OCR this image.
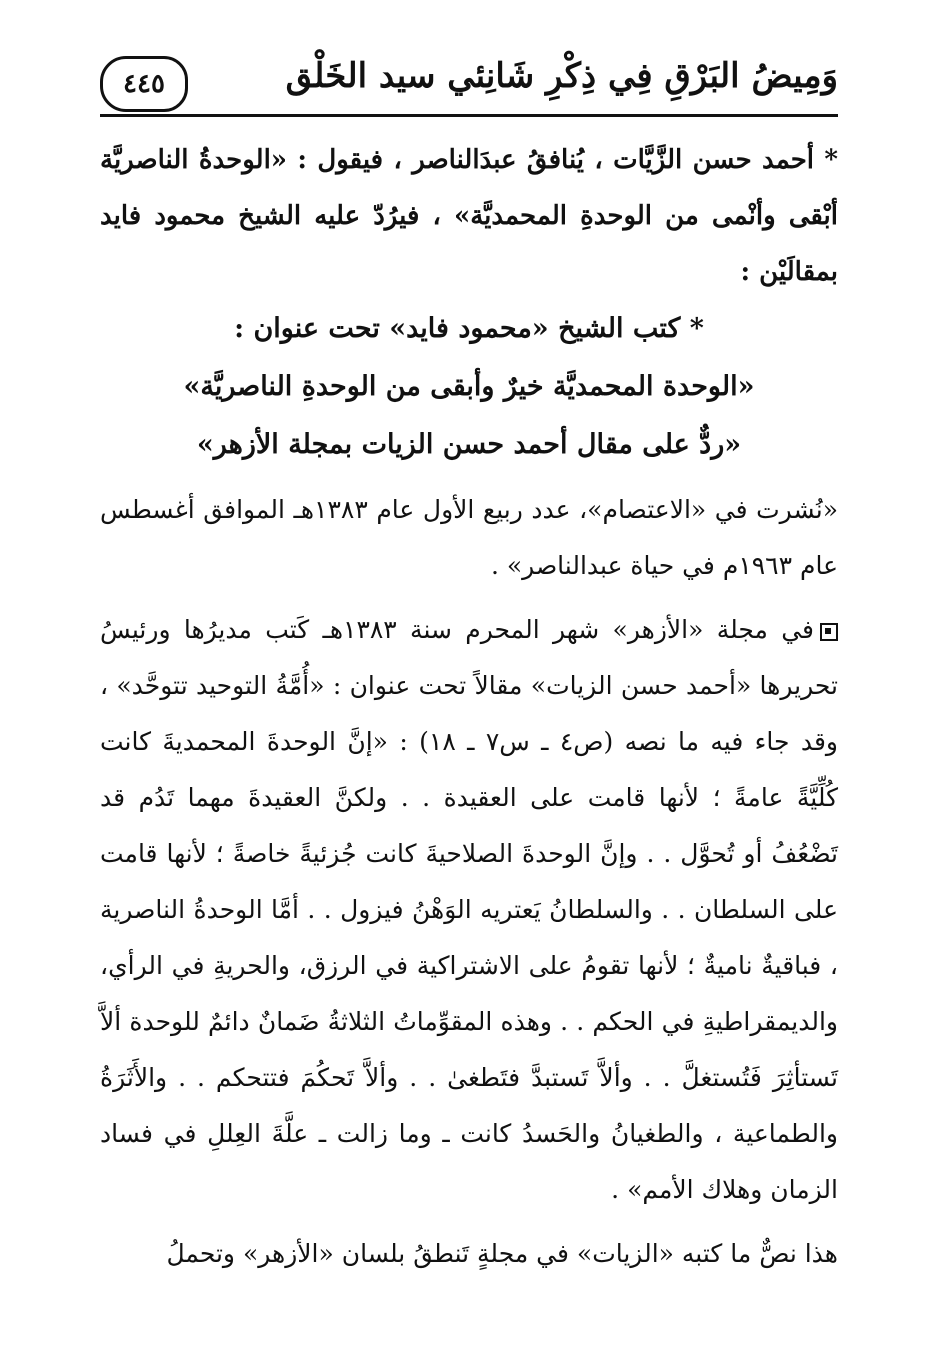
٤٤٥	وَمِيضُ البَرْقِ فِي ذِكْرِ شَانِئي سيد الخَلْق

* أحمد حسن الزَّيَّات ، يُنافقُ عبدَالناصر ، فيقول : «الوحدةُ الناصريَّة أبْقى وأنْمى من الوحدةِ المحمديَّة» ، فيرُدّ عليه الشيخ محمود فايد بمقالَيْن :

* كتب الشيخ «محمود فايد» تحت عنوان :

«الوحدة المحمديَّة خيرٌ وأبقى من الوحدةِ الناصريَّة»

«ردٌّ على مقال أحمد حسن الزيات بمجلة الأزهر»

«نُشرت في «الاعتصام»، عدد ربيع الأول عام ١٣٨٣هـ الموافق أغسطس عام ١٩٦٣م في حياة عبدالناصر» .

في مجلة «الأزهر» شهر المحرم سنة ١٣٨٣هـ كَتب مديرُها ورئيسُ تحريرها «أحمد حسن الزيات» مقالاً تحت عنوان : «أُمَّةُ التوحيد تتوحَّد» ، وقد جاء فيه ما نصه (ص٤ ـ س٧ ـ ١٨) : «إنَّ الوحدةَ المحمديةَ كانت كُلِّيَّةً عامةً ؛ لأنها قامت على العقيدة . . ولكنَّ العقيدةَ مهما تَدُم قد تَضْعُفُ أو تُحوَّل . . وإنَّ الوحدةَ الصلاحيةَ كانت جُزئيةً خاصةً ؛ لأنها قامت على السلطان . . والسلطانُ يَعتريه الوَهْنُ فيزول . . أمَّا الوحدةُ الناصرية ، فباقيةٌ ناميةٌ ؛ لأنها تقومُ على الاشتراكية في الرزق، والحريةِ في الرأي، والديمقراطيةِ في الحكم . . وهذه المقوِّماتُ الثلاثةُ ضَمانٌ دائمٌ للوحدة ألاَّ تَستأثِرَ فَتُستغلَّ . . وألاَّ تَستبدَّ فتَطغىٰ . . وألاَّ تَحكُمَ فتتحكم . . والأَثَرَةُ والطماعية ، والطغيانُ والحَسدُ كانت ـ وما زالت ـ علَّةَ العِللِ في فساد الزمان وهلاك الأمم» .

هذا نصٌّ ما كتبه «الزيات» في مجلةٍ تَنطقُ بلسان «الأزهر» وتحملُ
